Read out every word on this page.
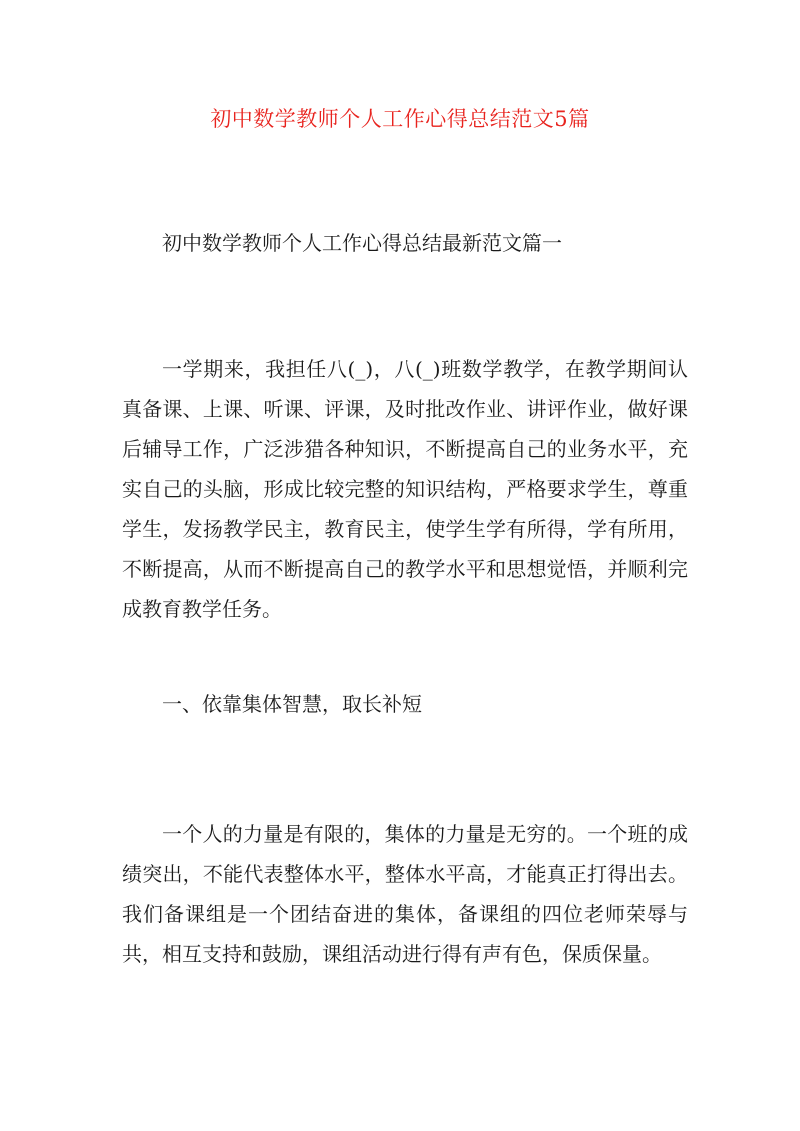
初中数学教师个人工作心得总结范文5篇
初中数学教师个人工作心得总结最新范文篇一

一学期来，我担任八(_)，八(_)班数学教学，在教学期间认真备课、上课、听课、评课，及时批改作业、讲评作业，做好课后辅导工作，广泛涉猎各种知识，不断提高自己的业务水平，充实自己的头脑，形成比较完整的知识结构，严格要求学生，尊重学生，发扬教学民主，教育民主，使学生学有所得，学有所用，不断提高，从而不断提高自己的教学水平和思想觉悟，并顺利完成教育教学任务。

一、依靠集体智慧，取长补短

一个人的力量是有限的，集体的力量是无穷的。一个班的成绩突出，不能代表整体水平，整体水平高，才能真正打得出去。我们备课组是一个团结奋进的集体，备课组的四位老师荣辱与共，相互支持和鼓励，课组活动进行得有声有色，保质保量。
